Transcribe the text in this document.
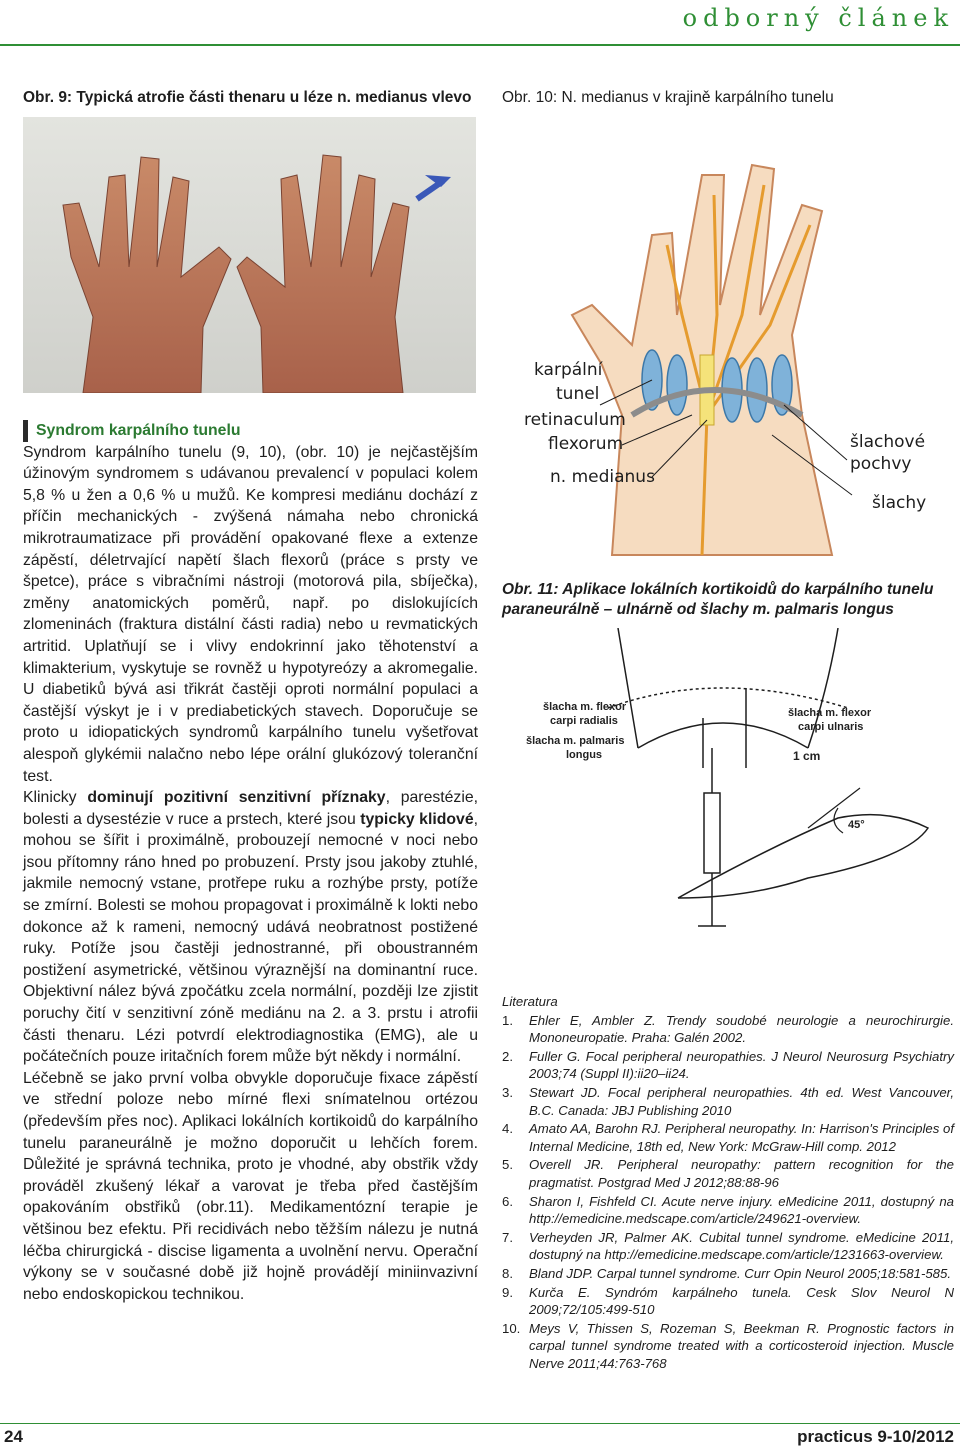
odborný článek
Obr. 9: Typická atrofie části thenaru u léze n. medianus vlevo Obr. 10: N. medianus v krajině karpálního tunelu
karpální
tunel
retinaculum
flexorum
n. medianus
šlachové
pochvy
šlachy
Obr. 11: Aplikace lokálních kortikoidů do karpálního tunelu paraneurálně – ulnárně od šlachy m. palmaris longus
šlacha m. flexor
carpi radialis
šlacha m. palmaris
longus
šlacha m. flexor
carpi ulnaris
1 cm
45°

Syndrom karpálního tunelu

Syndrom karpálního tunelu (9, 10), (obr. 10) je nejčastějším úžinovým syndromem s udávanou prevalencí v populaci kolem 5,8 % u žen a 0,6 % u mužů. Ke kompresi mediánu dochází z příčin mechanických - zvýšená námaha nebo chronická mikrotraumatizace při provádění opakované flexe a extenze zápěstí, déletrvající napětí šlach flexorů (práce s prsty ve špetce), práce s vibračními nástroji (motorová pila, sbíječka), změny anatomických poměrů, např. po dislokujících zlomeninách (fraktura distální části radia) nebo u revmatických artritid. Uplatňují se i vlivy endokrinní jako těhotenství a klimakterium, vyskytuje se rovněž u hypotyreózy a akromegalie. U diabetiků bývá asi třikrát častěji oproti normální populaci a častější výskyt je i v prediabetických stavech. Doporučuje se proto u idiopatických syndromů karpálního tunelu vyšetřovat alespoň glykémii nalačno nebo lépe orální glukózový toleranční test.

Klinicky dominují pozitivní senzitivní příznaky, parestézie, bolesti a dysestézie v ruce a prstech, které jsou typicky klidové, mohou se šířit i proximálně, probouzejí nemocné v noci nebo jsou přítomny ráno hned po probuzení. Prsty jsou jakoby ztuhlé, jakmile nemocný vstane, protřepe ruku a rozhýbe prsty, potíže se zmírní. Bolesti se mohou propagovat i proximálně k lokti nebo dokonce až k rameni, nemocný udává neobratnost postižené ruky. Potíže jsou častěji jednostranné, při oboustranném postižení asymetrické, většinou výraznější na dominantní ruce. Objektivní nález bývá zpočátku zcela normální, později lze zjistit poruchy čití v senzitivní zóně mediánu na 2. a 3. prstu i atrofii části thenaru. Lézi potvrdí elektrodiagnostika (EMG), ale u počátečních pouze iritačních forem může být někdy i normální.

Léčebně se jako první volba obvykle doporučuje fixace zápěstí ve střední poloze nebo mírné flexi snímatelnou ortézou (především přes noc). Aplikaci lokálních kortikoidů do karpálního tunelu paraneurálně je možno doporučit u lehčích forem. Důležité je správná technika, proto je vhodné, aby obstřik vždy prováděl zkušený lékař a varovat je třeba před častějším opakováním obstřiků (obr.11). Medikamentózní terapie je většinou bez efektu. Při recidivách nebo těžším nálezu je nutná léčba chirurgická - discise ligamenta a uvolnění nervu. Operační výkony se v současné době již hojně provádějí miniinvazivní nebo endoskopickou technikou.

Literatura
1.	Ehler E, Ambler Z. Trendy soudobé neurologie a neurochirurgie. Mononeuropatie. Praha: Galén 2002.
2.	Fuller G. Focal peripheral neuropathies. J Neurol Neurosurg Psychiatry 2003;74 (Suppl II):ii20–ii24.
3.	Stewart JD. Focal peripheral neuropathies. 4th ed. West Vancouver, B.C. Canada: JBJ Publishing 2010
4.	Amato AA, Barohn RJ. Peripheral neuropathy. In: Harrison's Principles of Internal Medicine, 18th ed, New York: McGraw-Hill comp. 2012
5.	Overell JR. Peripheral neuropathy: pattern recognition for the pragmatist. Postgrad Med J 2012;88:88-96
6.	Sharon I, Fishfeld CI. Acute nerve injury. eMedicine 2011, dostupný na http://emedicine.medscape.com/article/249621-overview.
7.	Verheyden JR, Palmer AK. Cubital tunnel syndrome. eMedicine 2011, dostupný na http://emedicine.medscape.com/article/1231663-overview.
8.	Bland JDP. Carpal tunnel syndrome. Curr Opin Neurol 2005;18:581-585.
9.	Kurča E. Syndróm karpálneho tunela. Cesk Slov Neurol N 2009;72/105:499-510
10. Meys V, Thissen S, Rozeman S, Beekman R. Prognostic factors in carpal tunnel syndrome treated with a corticosteroid injection. Muscle Nerve 2011;44:763-768
24	practicus 9-10/2012
